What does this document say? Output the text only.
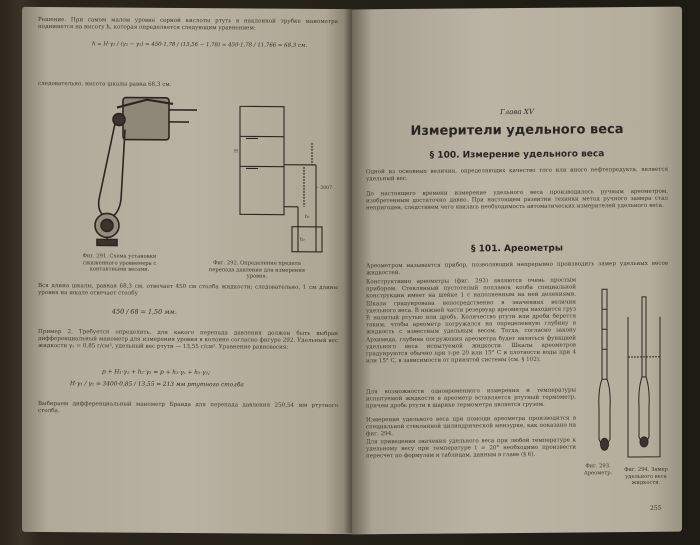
Решение. При самом малом уровне серной кислоты ртуть в наклонной трубке манометра поднимется на высоту h, которая определяется следующим уравнением:
h = H·γ₁ / (γ₂ − γ₁) = 450·1,78 / (13,56 − 1,78) = 450·1,78 / 11,766 = 68,3 см.
следовательно, высота шкалы равна 68,3 см.
Фиг. 291. Схема установки сжиженного уровнемера с контактными весами.
~ 3007
h₁
h₂
H
Фиг. 292. Определение предела перепада давления для измерения уровня.
Вся длина шкалы, равная 68,3 см, отвечает 450 см столба жидкости; следовательно, 1 см длины уровня на шкале отвечает столбу
450 / 68 = 1,50 мм.
Пример 2. Требуется определить, для какого перепада давления должен быть выбран дифференциальный манометр для измерения уровня в колонне согласно фигуре 292. Удельный вес жидкости γₓ = 0,85 г/см³, удельный вес ртути — 13,55 г/см³. Уравнение равновесия:
p + H₁·γ₁ + h₂·γ₂ = p + h₁·γₓ + h₂·γ₂;
H·γ₁ / γ₂ = 3400·0,85 / 13,55 = 213 мм ртутного столба
Выбираем дифференциальный манометр Бранда для перепада давления 250,54 мм ртутного столба.
Глава XV
Измерители удельного веса
§ 100. Измерение удельного веса
Одной из основных величин, определяющих качество того или иного нефтепродукта, является удельный вес.
До настоящего времени измерение удельного веса производилось ручным ареометром, изобретенным достаточно давно. При настоящем развитии техники метод ручного замера стал непригоден, следствием чего явилась необходимость автоматических измерителей удельного веса.
§ 101. Ареометры
Ареометром называется прибор, позволяющий непрерывно производить замер удельных весов жидкостей.
Конструктивно ареометры (фиг. 293) являются очень простым прибором. Стеклянный пустотелый поплавок колба специальной конструкции имеет на шейке 1 с наполненным на ней делениями. Шкала градуирована непосредственно в значениях величин удельного веса. В нижней части резервуар ареометра находится груз P, налитый ртутью или дробь. Количество ртути или дроби берется таким, чтобы ареометр погружался на определенную глубину в жидкость с известным удельным весом. Тогда, согласно закону Архимеда, глубина погружения ареометра будет являться функцией удельного веса испытуемой жидкости. Шкалы ареометров градуируются обычно при т-ре 20 или 15° С и плотности воды при 4 или 15° С, в зависимости от принятой системы (см. § 102).
Для возможности одновременного измерения и температуры испытуемой жидкости в ареометр вставляется ртутный термометр, причем дробь ртути в шарике термометра является грузом.
Измерение удельного веса при помощи ареометра производится в специальной стеклянной цилиндрической мензурке, как показано на фиг. 294.
Для приведения значения удельного веса при любой температуре к удельному весу при температуре t = 20° необходимо произвести пересчет по формулам и таблицам, данным в главе (§ 6).
Фиг. 293. Ареометр.	Фиг. 294. Замер удельного веса жидкости.
255
